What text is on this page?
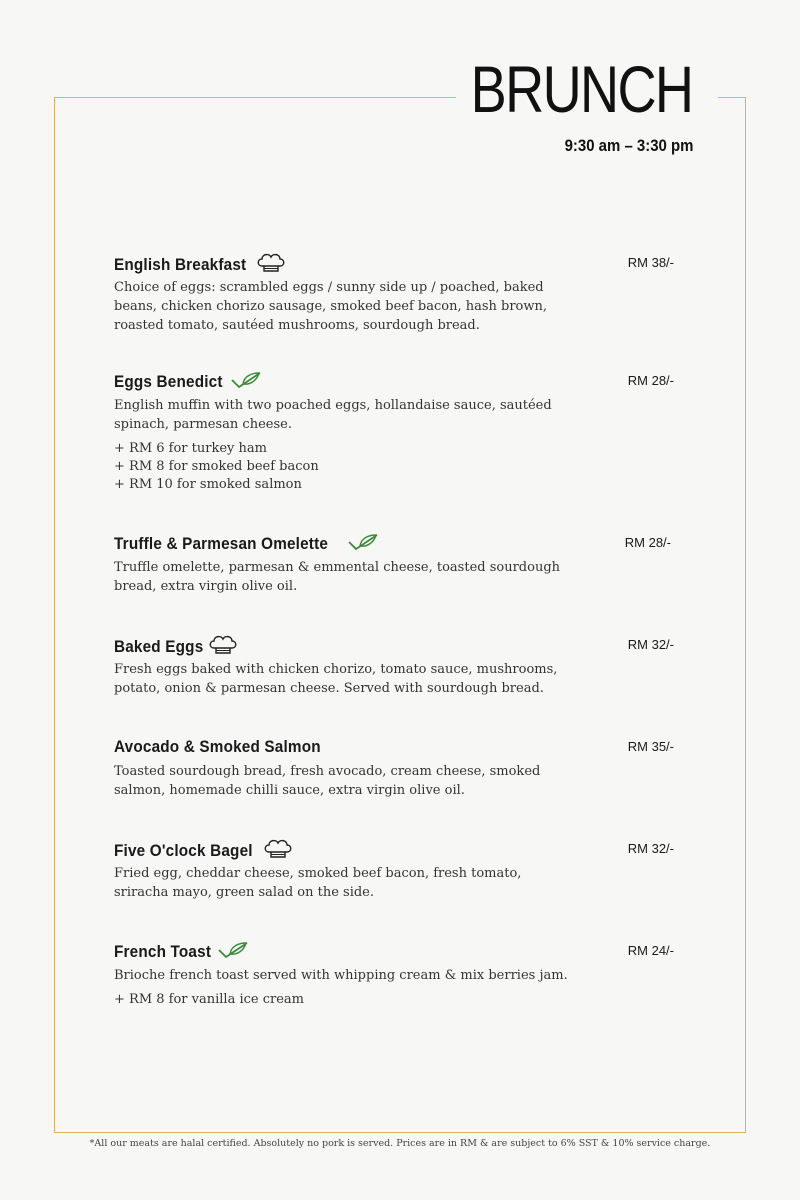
BRUNCH
9:30 am – 3:30 pm
English Breakfast	RM 38/-
Choice of eggs: scrambled eggs / sunny side up / poached, baked beans, chicken chorizo sausage, smoked beef bacon, hash brown, roasted tomato, sautéed mushrooms, sourdough bread.
Eggs Benedict	RM 28/-
English muffin with two poached eggs, hollandaise sauce, sautéed spinach, parmesan cheese.
+ RM 6 for turkey ham
+ RM 8 for smoked beef bacon
+ RM 10 for smoked salmon
Truffle & Parmesan Omelette	RM 28/-
Truffle omelette, parmesan & emmental cheese, toasted sourdough bread, extra virgin olive oil.
Baked Eggs	RM 32/-
Fresh eggs baked with chicken chorizo, tomato sauce, mushrooms, potato, onion & parmesan cheese. Served with sourdough bread.
Avocado & Smoked Salmon	RM 35/-
Toasted sourdough bread, fresh avocado, cream cheese, smoked salmon, homemade chilli sauce, extra virgin olive oil.
Five O'clock Bagel	RM 32/-
Fried egg, cheddar cheese, smoked beef bacon, fresh tomato, sriracha mayo, green salad on the side.
French Toast	RM 24/-
Brioche french toast served with whipping cream & mix berries jam.
+ RM 8 for vanilla ice cream
*All our meats are halal certified. Absolutely no pork is served. Prices are in RM & are subject to 6% SST & 10% service charge.
